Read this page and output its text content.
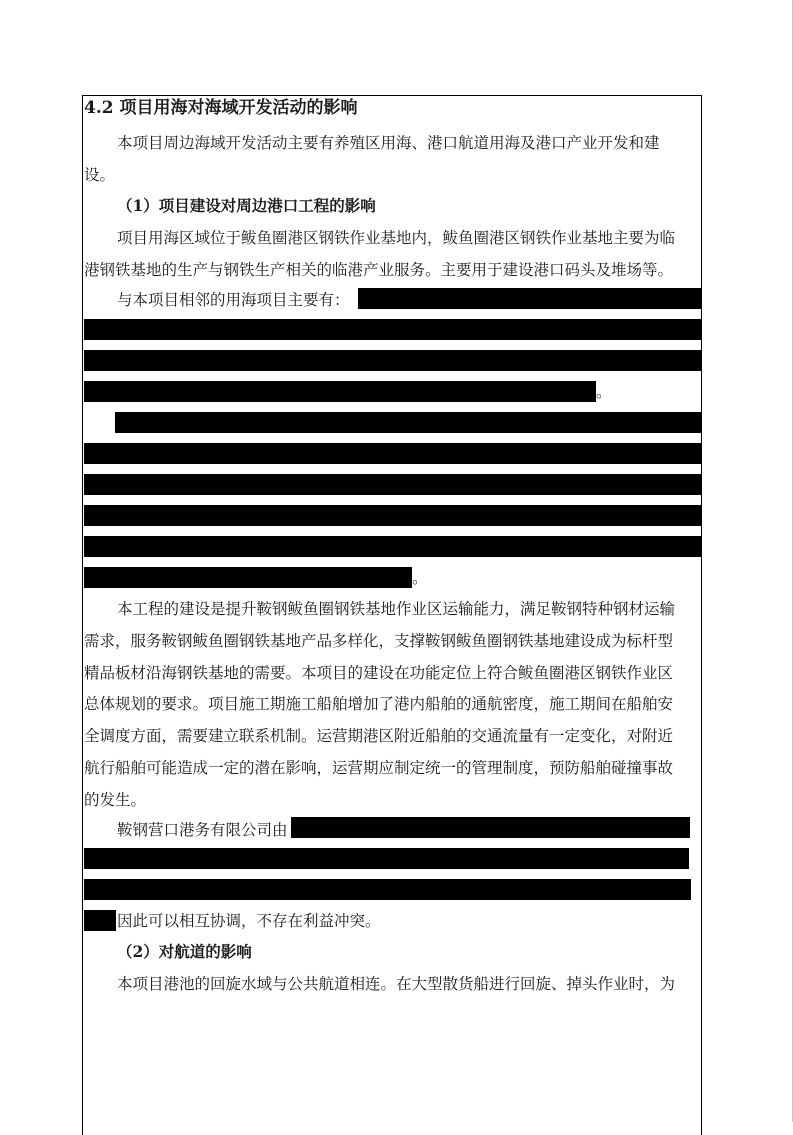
4.2 项目用海对海域开发活动的影响
本项目周边海域开发活动主要有养殖区用海、港口航道用海及港口产业开发和建
设。
（1）项目建设对周边港口工程的影响
项目用海区域位于鲅鱼圈港区钢铁作业基地内，鲅鱼圈港区钢铁作业基地主要为临
港钢铁基地的生产与钢铁生产相关的临港产业服务。主要用于建设港口码头及堆场等。
与本项目相邻的用海项目主要有：
。
。
本工程的建设是提升鞍钢鲅鱼圈钢铁基地作业区运输能力，满足鞍钢特种钢材运输
需求，服务鞍钢鲅鱼圈钢铁基地产品多样化，支撑鞍钢鲅鱼圈钢铁基地建设成为标杆型
精品板材沿海钢铁基地的需要。本项目的建设在功能定位上符合鲅鱼圈港区钢铁作业区
总体规划的要求。项目施工期施工船舶增加了港内船舶的通航密度，施工期间在船舶安
全调度方面，需要建立联系机制。运营期港区附近船舶的交通流量有一定变化，对附近
航行船舶可能造成一定的潜在影响，运营期应制定统一的管理制度，预防船舶碰撞事故
的发生。
鞍钢营口港务有限公司由
因此可以相互协调，不存在利益冲突。
（2）对航道的影响
本项目港池的回旋水域与公共航道相连。在大型散货船进行回旋、掉头作业时，为
